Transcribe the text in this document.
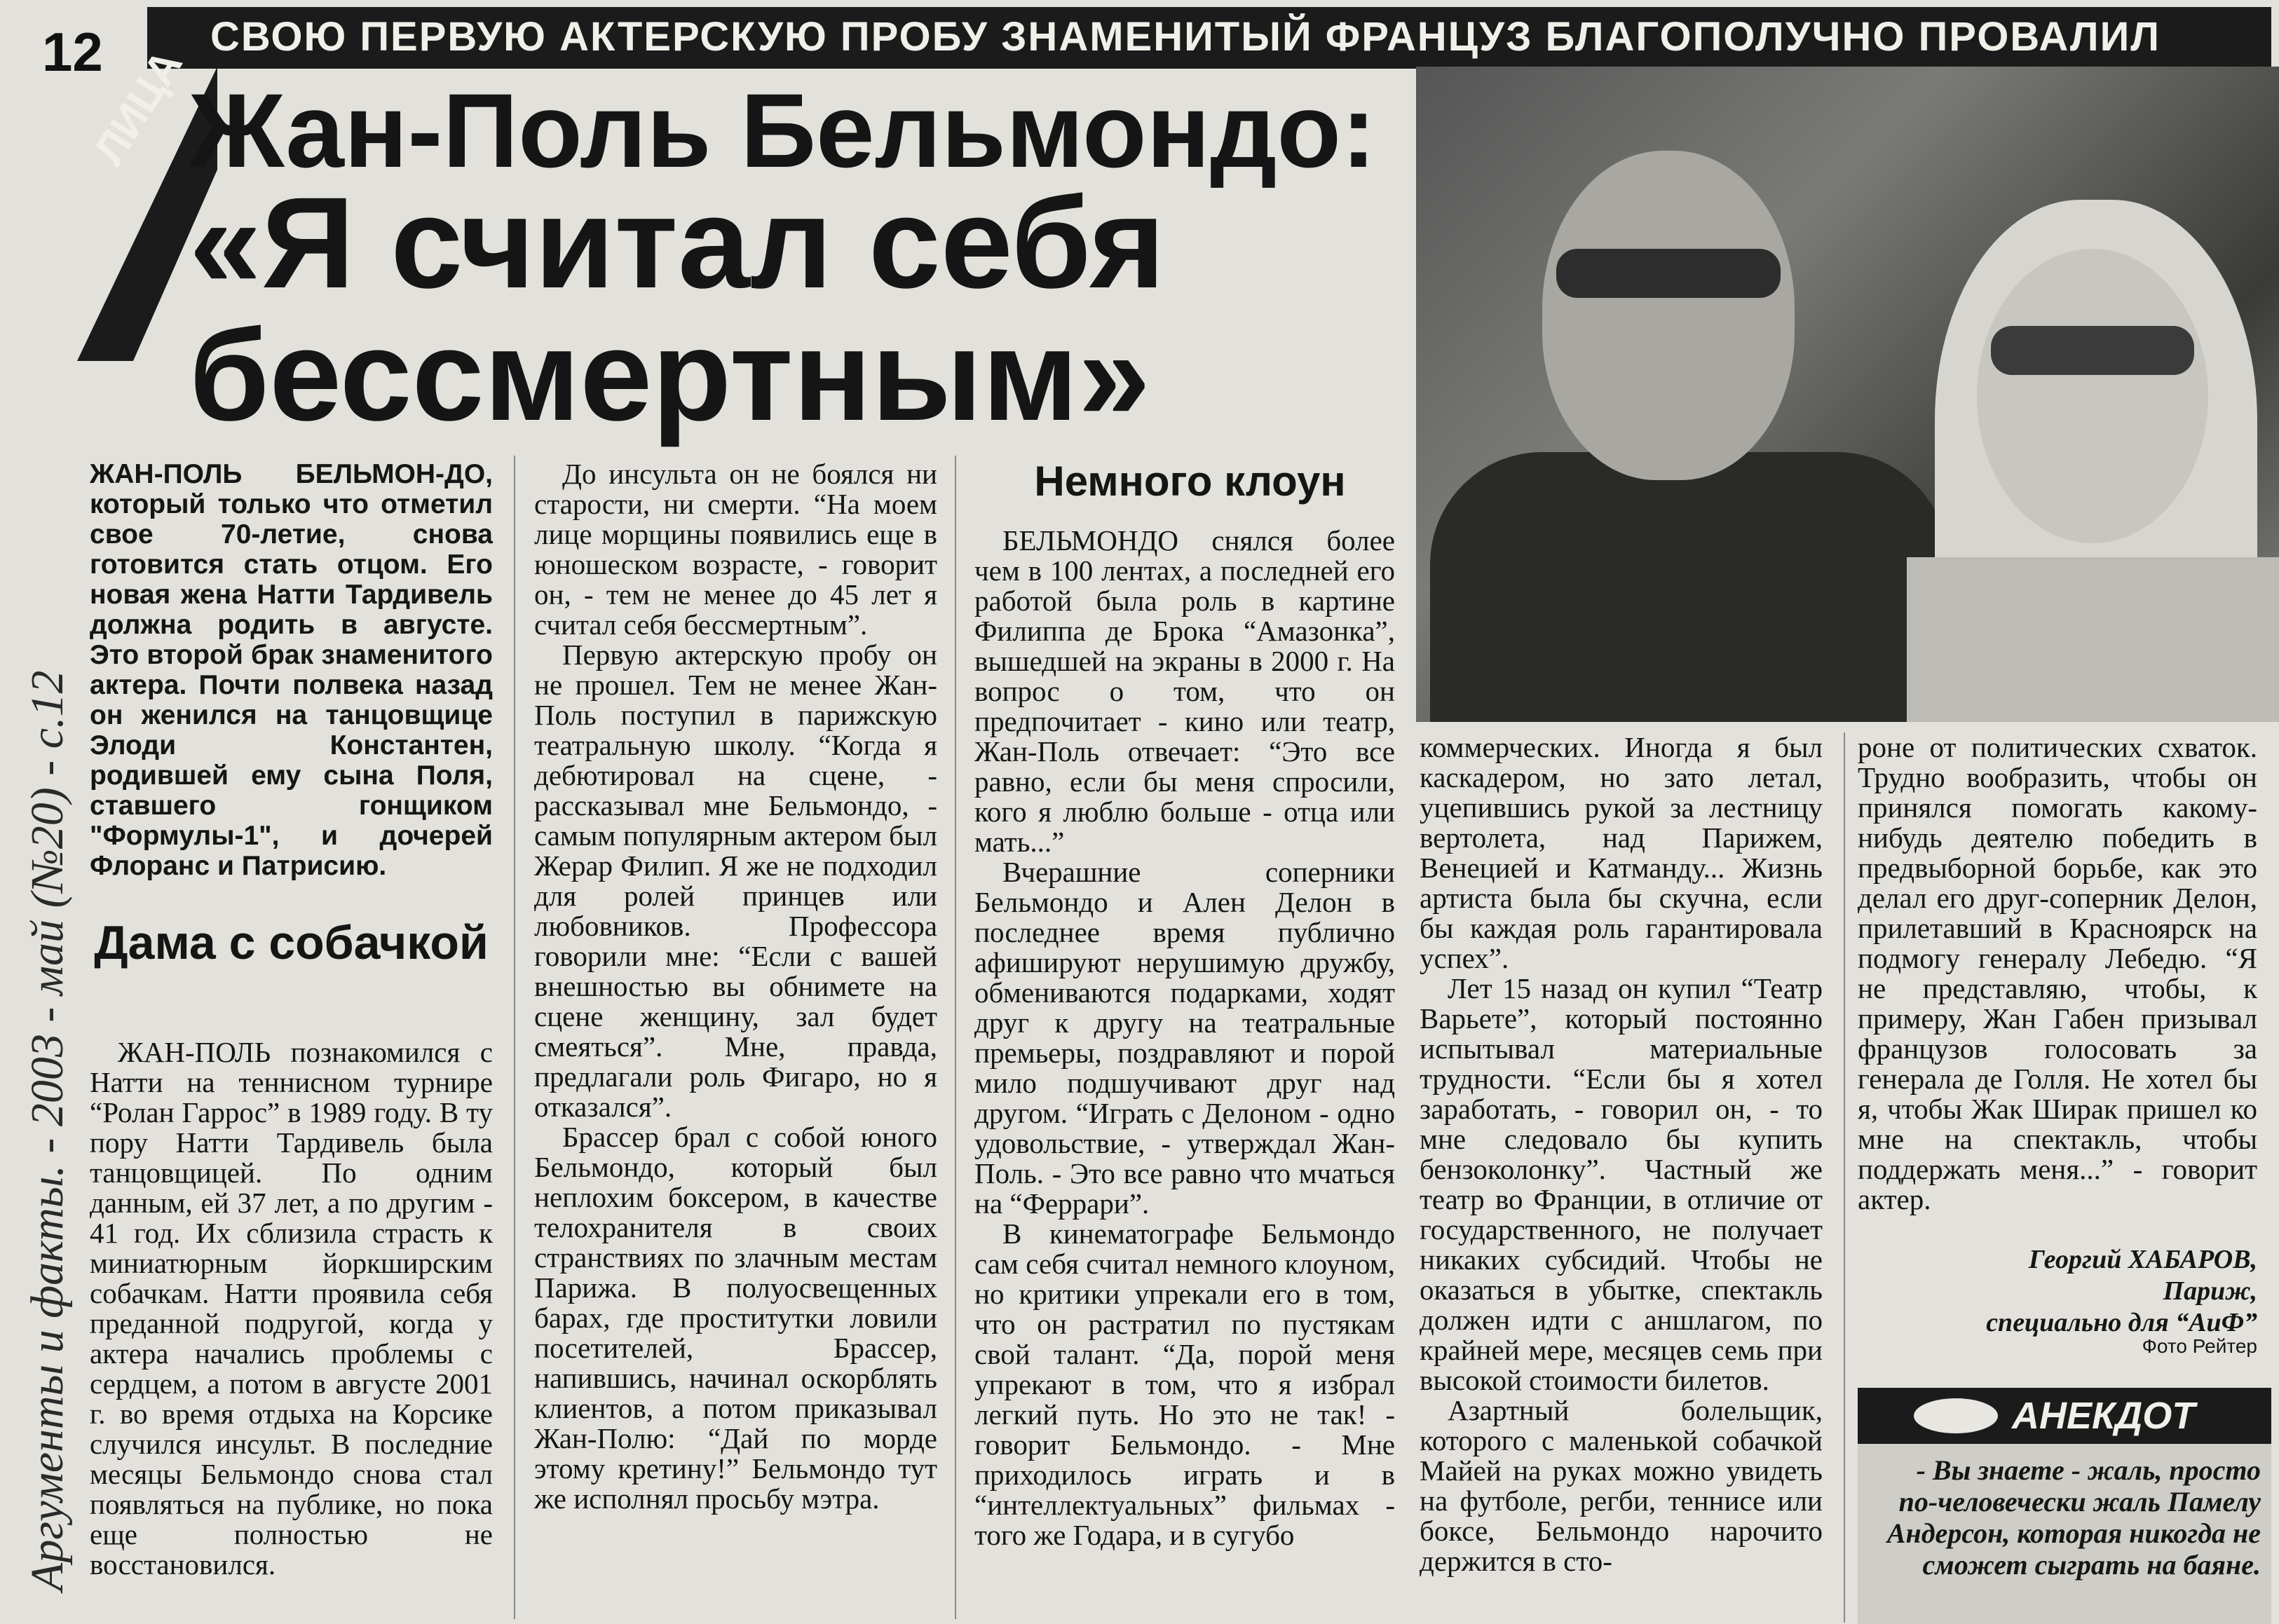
СВОЮ ПЕРВУЮ АКТЕРСКУЮ ПРОБУ ЗНАМЕНИТЫЙ ФРАНЦУЗ БЛАГОПОЛУЧНО ПРОВАЛИЛ
12
ЛИЦА
Жан-Поль Бельмондо:
«Я считал себя бессмертным»
Аргументы и факты. - 2003 - май (№20) - с.12
ЖАН-ПОЛЬ БЕЛЬМОН-ДО, который только что отметил свое 70-летие, снова готовится стать отцом. Его новая жена Натти Тардивель должна родить в августе. Это второй брак знаменитого актера. Почти полвека назад он женился на танцовщице Элоди Константен, родившей ему сына Поля, ставшего гонщиком "Формулы-1", и дочерей Флоранс и Патрисию.
Дама с собачкой

ЖАН-ПОЛЬ познакомился с Натти на теннисном турнире “Ролан Гаррос” в 1989 году. В ту пору Натти Тардивель была танцовщицей. По одним данным, ей 37 лет, а по другим - 41 год. Их сблизила страсть к миниатюрным йоркширским собачкам. Натти проявила себя преданной подругой, когда у актера начались проблемы с сердцем, а потом в августе 2001 г. во время отдыха на Корсике случился инсульт. В последние месяцы Бельмондо снова стал появляться на публике, но пока еще полностью не восстановился.

До инсульта он не боялся ни старости, ни смерти. “На моем лице морщины появились еще в юношеском возрасте, - говорит он, - тем не менее до 45 лет я считал себя бессмертным”.

Первую актерскую пробу он не прошел. Тем не менее Жан-Поль поступил в парижскую театральную школу. “Когда я дебютировал на сцене, - рассказывал мне Бельмондо, - самым популярным актером был Жерар Филип. Я же не подходил для ролей принцев или любовников. Профессора говорили мне: “Если с вашей внешностью вы обнимете на сцене женщину, зал будет смеяться”. Мне, правда, предлагали роль Фигаро, но я отказался”.

Брассер брал с собой юного Бельмондо, который был неплохим боксером, в качестве телохранителя в своих странствиях по злачным местам Парижа. В полуосвещенных барах, где проститутки ловили посетителей, Брассер, напившись, начинал оскорблять клиентов, а потом приказывал Жан-Полю: “Дай по морде этому кретину!” Бельмондо тут же исполнял просьбу мэтра.

Немного клоун

БЕЛЬМОНДО снялся более чем в 100 лентах, а последней его работой была роль в картине Филиппа де Брока “Амазонка”, вышедшей на экраны в 2000 г. На вопрос о том, что он предпочитает - кино или театр, Жан-Поль отвечает: “Это все равно, если бы меня спросили, кого я люблю больше - отца или мать...”

Вчерашние соперники Бельмондо и Ален Делон в последнее время публично афишируют нерушимую дружбу, обмениваются подарками, ходят друг к другу на театральные премьеры, поздравляют и порой мило подшучивают друг над другом. “Играть с Делоном - одно удовольствие, - утверждал Жан-Поль. - Это все равно что мчаться на “Феррари”.

В кинематографе Бельмондо сам себя считал немного клоуном, но критики упрекали его в том, что он растратил по пустякам свой талант. “Да, порой меня упрекают в том, что я избрал легкий путь. Но это не так! - говорит Бельмондо. - Мне приходилось играть и в “интеллектуальных” фильмах - того же Годара, и в сугубо

коммерческих. Иногда я был каскадером, но зато летал, уцепившись рукой за лестницу вертолета, над Парижем, Венецией и Катманду... Жизнь артиста была бы скучна, если бы каждая роль гарантировала успех”.

Лет 15 назад он купил “Театр Варьете”, который постоянно испытывал материальные трудности. “Если бы я хотел заработать, - говорил он, - то мне следовало бы купить бензоколонку”. Частный же театр во Франции, в отличие от государственного, не получает никаких субсидий. Чтобы не оказаться в убытке, спектакль должен идти с аншлагом, по крайней мере, месяцев семь при высокой стоимости билетов.

Азартный болельщик, которого с маленькой собачкой Майей на руках можно увидеть на футболе, регби, теннисе или боксе, Бельмондо нарочито держится в сто-

роне от политических схваток. Трудно вообразить, чтобы он принялся помогать какому-нибудь деятелю победить в предвыборной борьбе, как это делал его друг-соперник Делон, прилетавший в Красноярск на подмогу генералу Лебедю. “Я не представляю, чтобы, к примеру, Жан Габен призывал французов голосовать за генерала де Голля. Не хотел бы я, чтобы Жак Ширак пришел ко мне на спектакль, чтобы поддержать меня...” - говорит актер.

Георгий ХАБАРОВ,
Париж,
специально для “АиФ”
Фото Рейтер
АНЕКДОТ
- Вы знаете - жаль, просто по-человечески жаль Памелу Андерсон, которая никогда не сможет сыграть на баяне.
